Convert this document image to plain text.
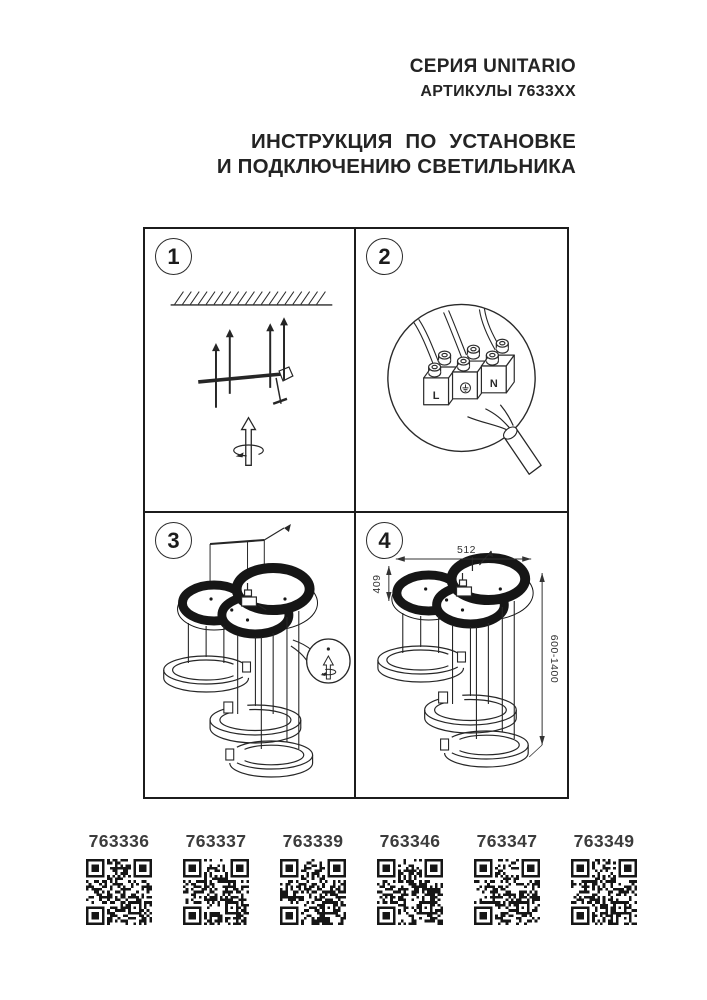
СЕРИЯ UNITARIO
АРТИКУЛЫ 7633XX
ИНСТРУКЦИЯ ПО УСТАНОВКЕ
И ПОДКЛЮЧЕНИЮ СВЕТИЛЬНИКА
1	2
L
N
3	4	512
409
600-1400
763336 763337 763339 763346 763347 763349
